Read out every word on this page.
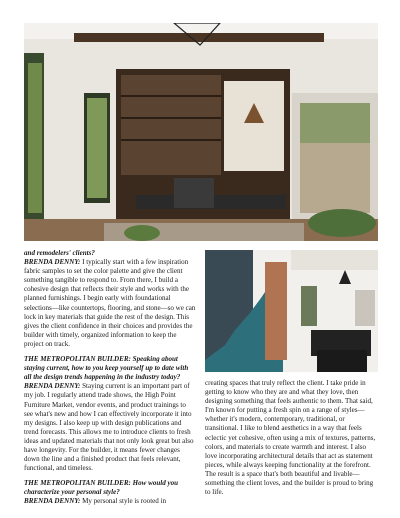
and remodelers' clients?
BRENDA DENNY: I typically start with a few inspiration fabric samples to set the color palette and give the client something tangible to respond to. From there, I build a cohesive design that reflects their style and works with the planned furnishings. I begin early with foundational selections—like countertops, flooring, and stone—so we can lock in key materials that guide the rest of the design. This gives the client confidence in their choices and provides the builder with timely, organized information to keep the project on track.

THE METROPOLITAN BUILDER: Speaking about staying current, how to you keep yourself up to date with all the design trends happening in the industry today?
BRENDA DENNY: Staying current is an important part of my job. I regularly attend trade shows, the High Point Furniture Market, vendor events, and product trainings to see what's new and how I can effectively incorporate it into my designs. I also keep up with design publications and trend forecasts. This allows me to introduce clients to fresh ideas and updated materials that not only look great but also have longevity. For the builder, it means fewer changes down the line and a finished product that feels relevant, functional, and timeless.

THE METROPOLITAN BUILDER: How would you characterize your personal style?
BRENDA DENNY: My personal style is rooted in

creating spaces that truly reflect the client. I take pride in getting to know who they are and what they love, then designing something that feels authentic to them. That said, I'm known for putting a fresh spin on a range of styles— whether it's modern, contemporary, traditional, or transitional. I like to blend aesthetics in a way that feels eclectic yet cohesive, often using a mix of textures, patterns, colors, and materials to create warmth and interest. I also love incorporating architectural details that act as statement pieces, while always keeping functionality at the forefront. The result is a space that's both beautiful and livable—something the client loves, and the builder is proud to bring to life.
